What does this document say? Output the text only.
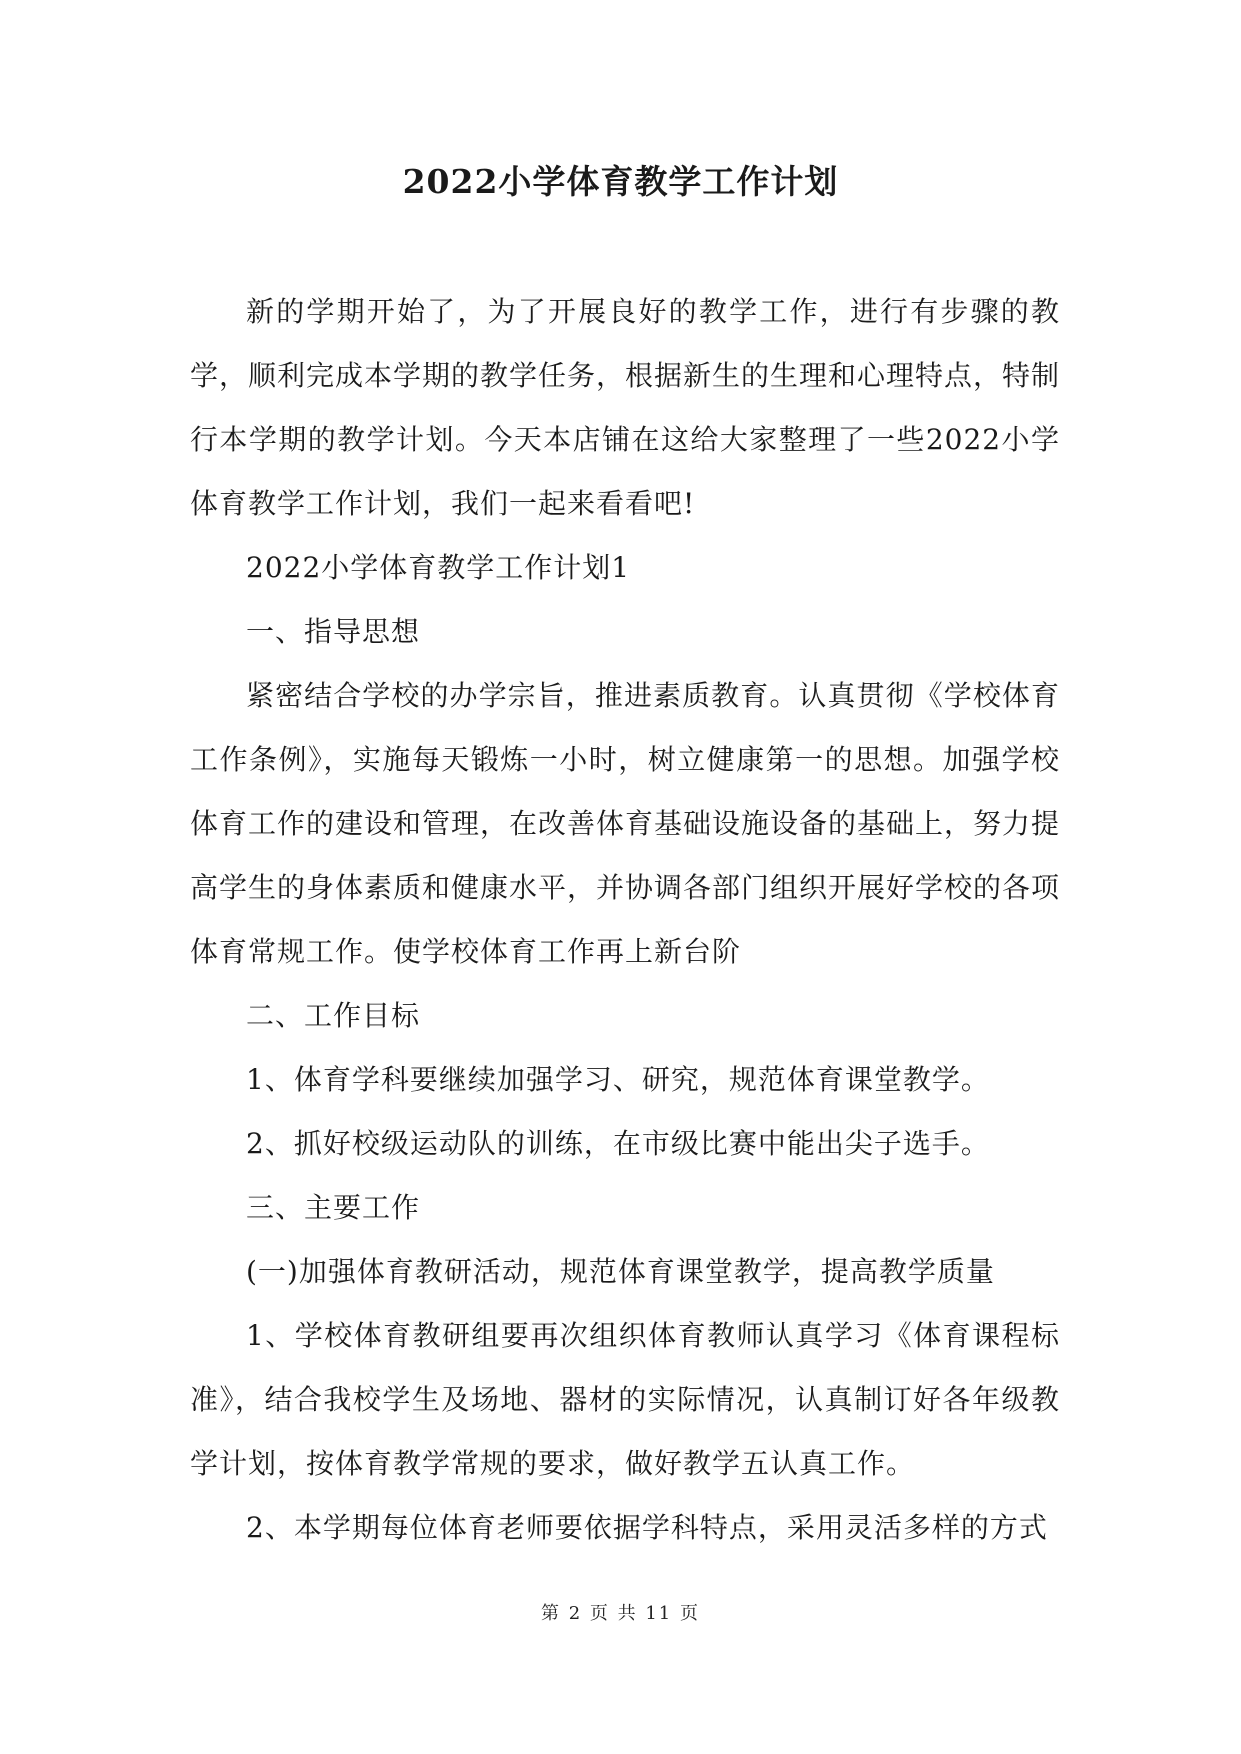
2022小学体育教学工作计划

新的学期开始了，为了开展良好的教学工作，进行有步骤的教学，顺利完成本学期的教学任务，根据新生的生理和心理特点，特制行本学期的教学计划。今天本店铺在这给大家整理了一些2022小学体育教学工作计划，我们一起来看看吧!

2022小学体育教学工作计划1

一、指导思想

紧密结合学校的办学宗旨，推进素质教育。认真贯彻《学校体育工作条例》，实施每天锻炼一小时，树立健康第一的思想。加强学校体育工作的建设和管理，在改善体育基础设施设备的基础上，努力提高学生的身体素质和健康水平，并协调各部门组织开展好学校的各项体育常规工作。使学校体育工作再上新台阶

二、工作目标

1、体育学科要继续加强学习、研究，规范体育课堂教学。

2、抓好校级运动队的训练，在市级比赛中能出尖子选手。

三、主要工作

(一)加强体育教研活动，规范体育课堂教学，提高教学质量

1、学校体育教研组要再次组织体育教师认真学习《体育课程标准》，结合我校学生及场地、器材的实际情况，认真制订好各年级教学计划，按体育教学常规的要求，做好教学五认真工作。

2、本学期每位体育老师要依据学科特点，采用灵活多样的方式

第 2 页 共 11 页
